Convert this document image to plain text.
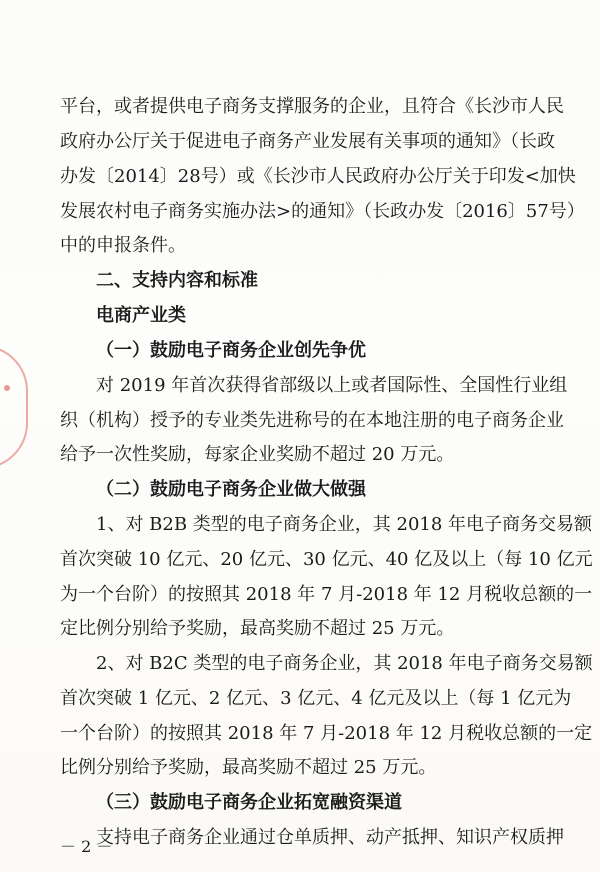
平台，或者提供电子商务支撑服务的企业，且符合《长沙市人民
政府办公厅关于促进电子商务产业发展有关事项的通知》（长政
办发〔2014〕28号）或《长沙市人民政府办公厅关于印发<加快
发展农村电子商务实施办法>的通知》（长政办发〔2016〕57号）
中的申报条件。
二、支持内容和标准
电商产业类
（一）鼓励电子商务企业创先争优
对 2019 年首次获得省部级以上或者国际性、全国性行业组
织（机构）授予的专业类先进称号的在本地注册的电子商务企业
给予一次性奖励，每家企业奖励不超过 20 万元。
（二）鼓励电子商务企业做大做强
1、对 B2B 类型的电子商务企业，其 2018 年电子商务交易额
首次突破 10 亿元、20 亿元、30 亿元、40 亿及以上（每 10 亿元
为一个台阶）的按照其 2018 年 7 月-2018 年 12 月税收总额的一
定比例分别给予奖励，最高奖励不超过 25 万元。
2、对 B2C 类型的电子商务企业，其 2018 年电子商务交易额
首次突破 1 亿元、2 亿元、3 亿元、4 亿元及以上（每 1 亿元为
一个台阶）的按照其 2018 年 7 月-2018 年 12 月税收总额的一定
比例分别给予奖励，最高奖励不超过 25 万元。
（三）鼓励电子商务企业拓宽融资渠道
支持电子商务企业通过仓单质押、动产抵押、知识产权质押
－ 2 －
